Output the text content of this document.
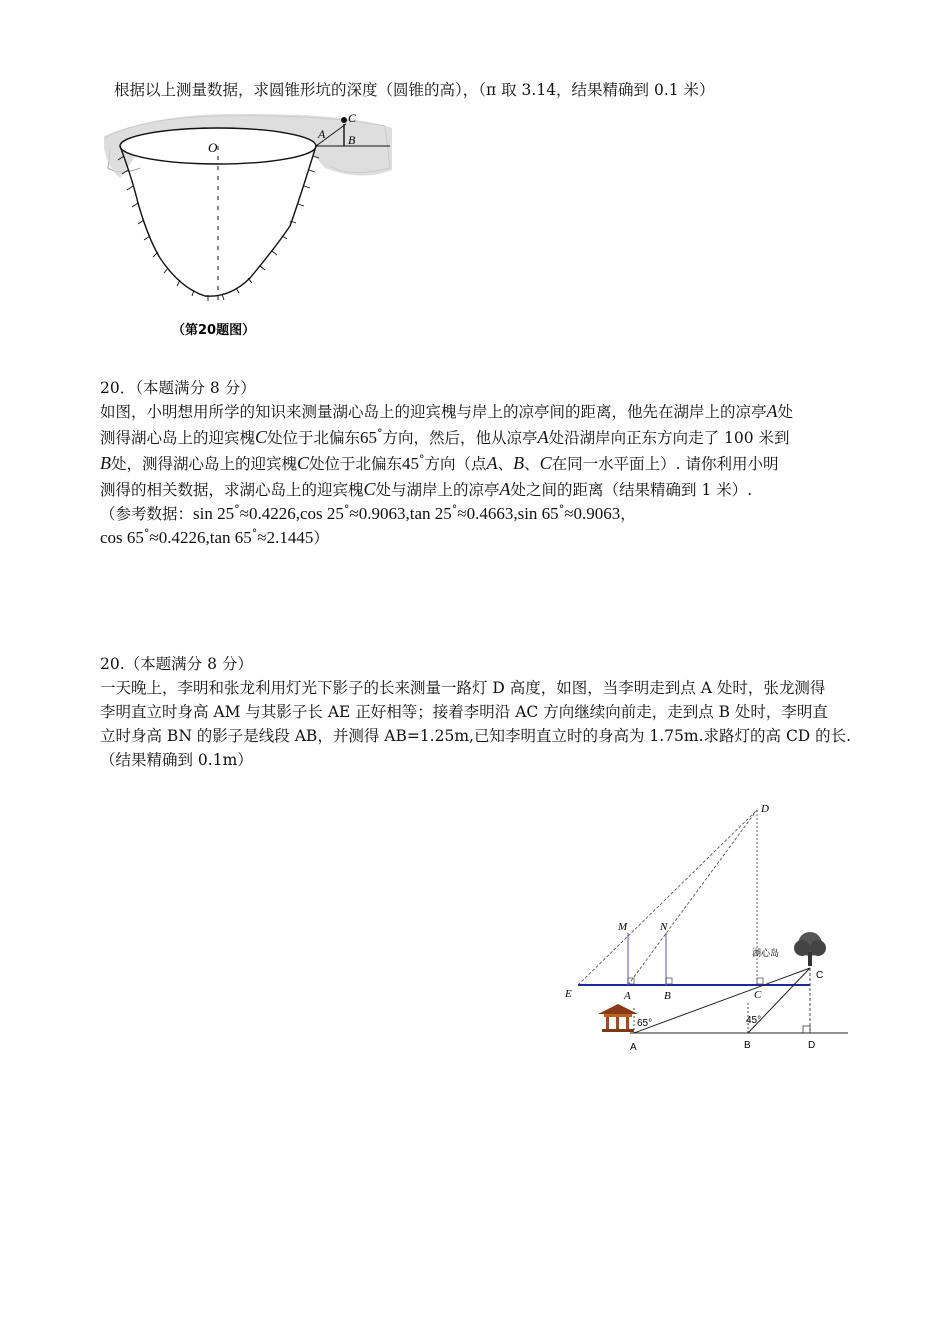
根据以上测量数据，求圆锥形坑的深度（圆锥的高），（π 取 3.14，结果精确到 0.1 米）
O
A B
C
（第20题图）
20．（本题满分 8 分）
如图，小明想用所学的知识来测量湖心岛上的迎宾槐与岸上的凉亭间的距离，他先在湖岸上的凉亭A处
测得湖心岛上的迎宾槐C处位于北偏东65°方向，然后，他从凉亭A处沿湖岸向正东方向走了 100 米到
B处，测得湖心岛上的迎宾槐C处位于北偏东45°方向（点A、B、C在同一水平面上）. 请你利用小明
测得的相关数据，求湖心岛上的迎宾槐C处与湖岸上的凉亭A处之间的距离（结果精确到 1 米）.
（参考数据：sin 25°≈0.4226,cos 25°≈0.9063,tan 25°≈0.4663,sin 65°≈0.9063，
cos 65°≈0.4226,tan 65°≈2.1445）
20.（本题满分 8 分）
一天晚上，李明和张龙利用灯光下影子的长来测量一路灯 D 高度，如图，当李明走到点 A 处时，张龙测得
李明直立时身高 AM 与其影子长 AE 正好相等；接着李明沿 AC 方向继续向前走，走到点 B 处时，李明直
立时身高 BN 的影子是线段 AB，并测得 AB=1.25m,已知李明直立时的身高为 1.75m.求路灯的高 CD 的长.
（结果精确到 0.1m）
D
M	N
E	A	B	C
湖心岛
C
A	B	D
65°	45°
